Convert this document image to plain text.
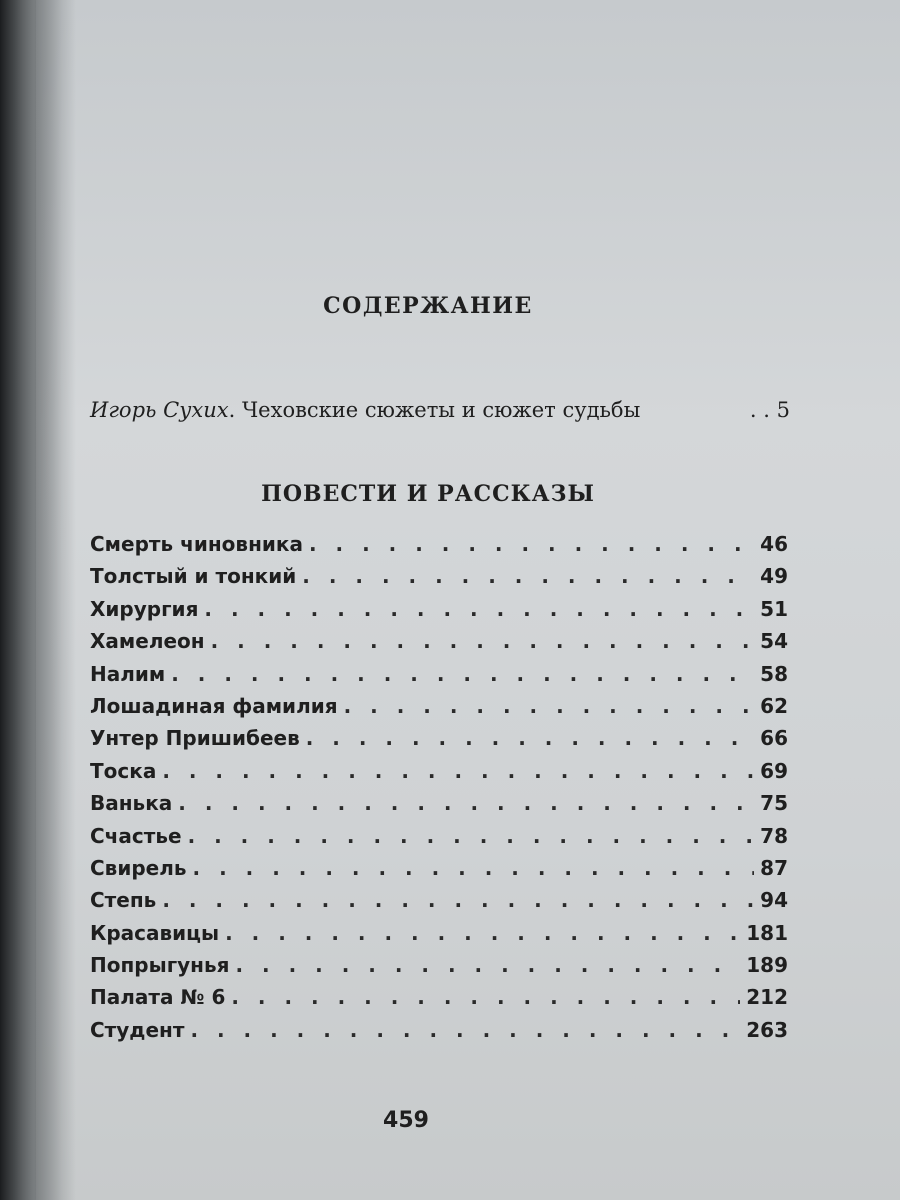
СОДЕРЖАНИЕ
Игорь Сухих. Чеховские сюжеты и сюжет судьбы	. . 5
ПОВЕСТИ И РАССКАЗЫ
Смерть чиновника . . .	46
Толстый и тонкий . . .	49
Хирургия . . .	51
Хамелеон . . .	54
Налим . . .	58
Лошадиная фамилия . . .	62
Унтер Пришибеев . . .	66
Тоска . . .	69
Ванька . . .	75
Счастье . . .	78
Свирель . . .	87
Степь . . .	94
Красавицы . . .	181
Попрыгунья . . .	189
Палата № 6 . . .	212
Студент . . .	263
459
